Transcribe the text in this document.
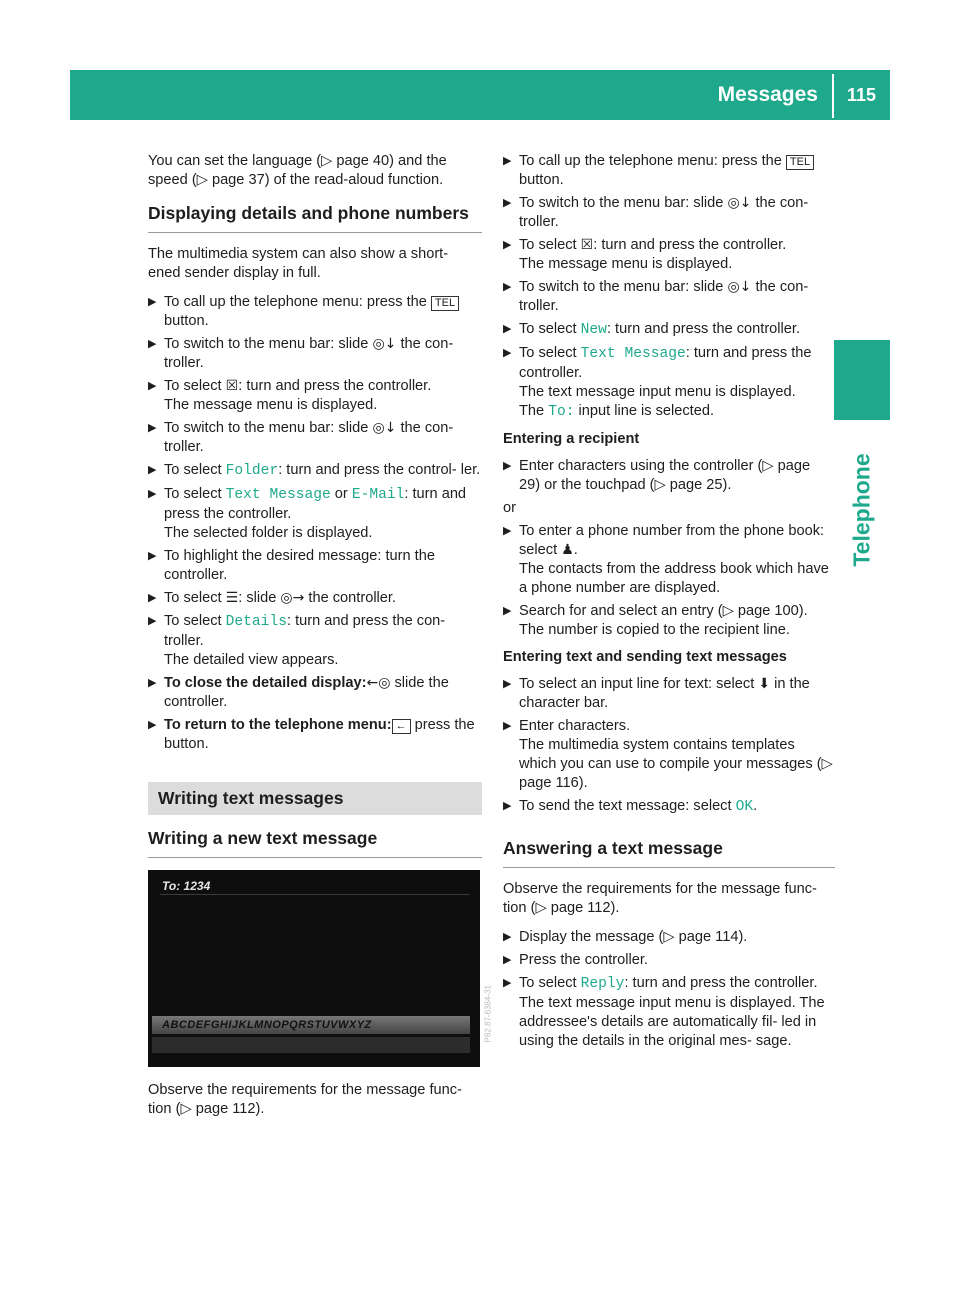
Messages 115
Telephone

You can set the language (▷ page 40) and the speed (▷ page 37) of the read-aloud function.

Displaying details and phone numbers

The multimedia system can also show a short- ened sender display in full.

▶ To call up the telephone menu: press the TEL button.
▶ To switch to the menu bar: slide ◎↓ the con- troller.
▶ To select ☒: turn and press the controller.
The message menu is displayed.
▶ To switch to the menu bar: slide ◎↓ the con- troller.
▶ To select Folder: turn and press the control- ler.
▶ To select Text Message or E-Mail: turn and press the controller.
The selected folder is displayed.
▶ To highlight the desired message: turn the controller.
▶ To select ☰: slide ◎→ the controller.
▶ To select Details: turn and press the con- troller.
The detailed view appears.
▶ To close the detailed display:←◎ slide the controller.
▶ To return to the telephone menu: ← press the button.
Writing text messages
Writing a new text message
To: 1234
P82.87-6384-31
ABCDEFGHIJKLMNOPQRSTUVWXYZ

Observe the requirements for the message func- tion (▷ page 112).

▶ To call up the telephone menu: press the TEL button.
▶ To switch to the menu bar: slide ◎↓ the con- troller.
▶ To select ☒: turn and press the controller.
The message menu is displayed.
▶ To switch to the menu bar: slide ◎↓ the con- troller.
▶ To select New: turn and press the controller.
▶ To select Text Message: turn and press the controller.
The text message input menu is displayed.
The To: input line is selected.
Entering a recipient
▶ Enter characters using the controller (▷ page 29) or the touchpad (▷ page 25).

or

▶ To enter a phone number from the phone book: select ♟.
The contacts from the address book which have a phone number are displayed.
▶ Search for and select an entry (▷ page 100).
The number is copied to the recipient line.
Entering text and sending text messages
▶ To select an input line for text: select ⬇ in the character bar.
▶ Enter characters.
The multimedia system contains templates which you can use to compile your messages (▷ page 116).
▶ To send the text message: select OK.
Answering a text message

Observe the requirements for the message func- tion (▷ page 112).

▶ Display the message (▷ page 114).
▶ Press the controller.
▶ To select Reply: turn and press the controller.
The text message input menu is displayed. The addressee's details are automatically fil- led in using the details in the original mes- sage.
